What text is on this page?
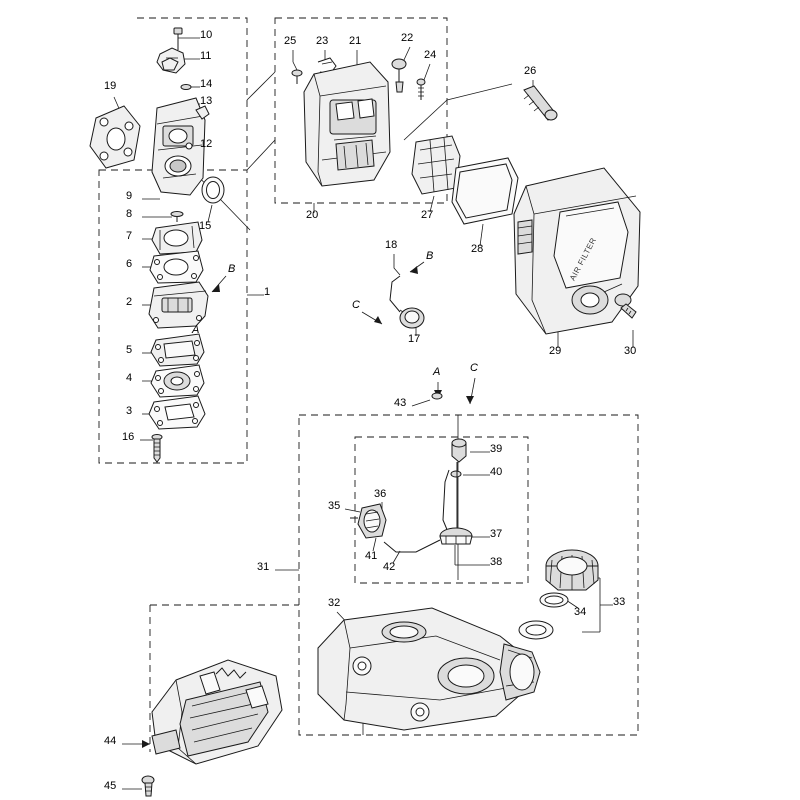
AIR FILTER
1
2
3
4
5
6
7
8
9
10
11
12
13
14
15
16
17
18
19
20
21	22
23
24
25
26
27
28
29	30
31
32	33
34
35
36
37
38
39
40
41
42
43
44
45
B
A
B
C
A	C
